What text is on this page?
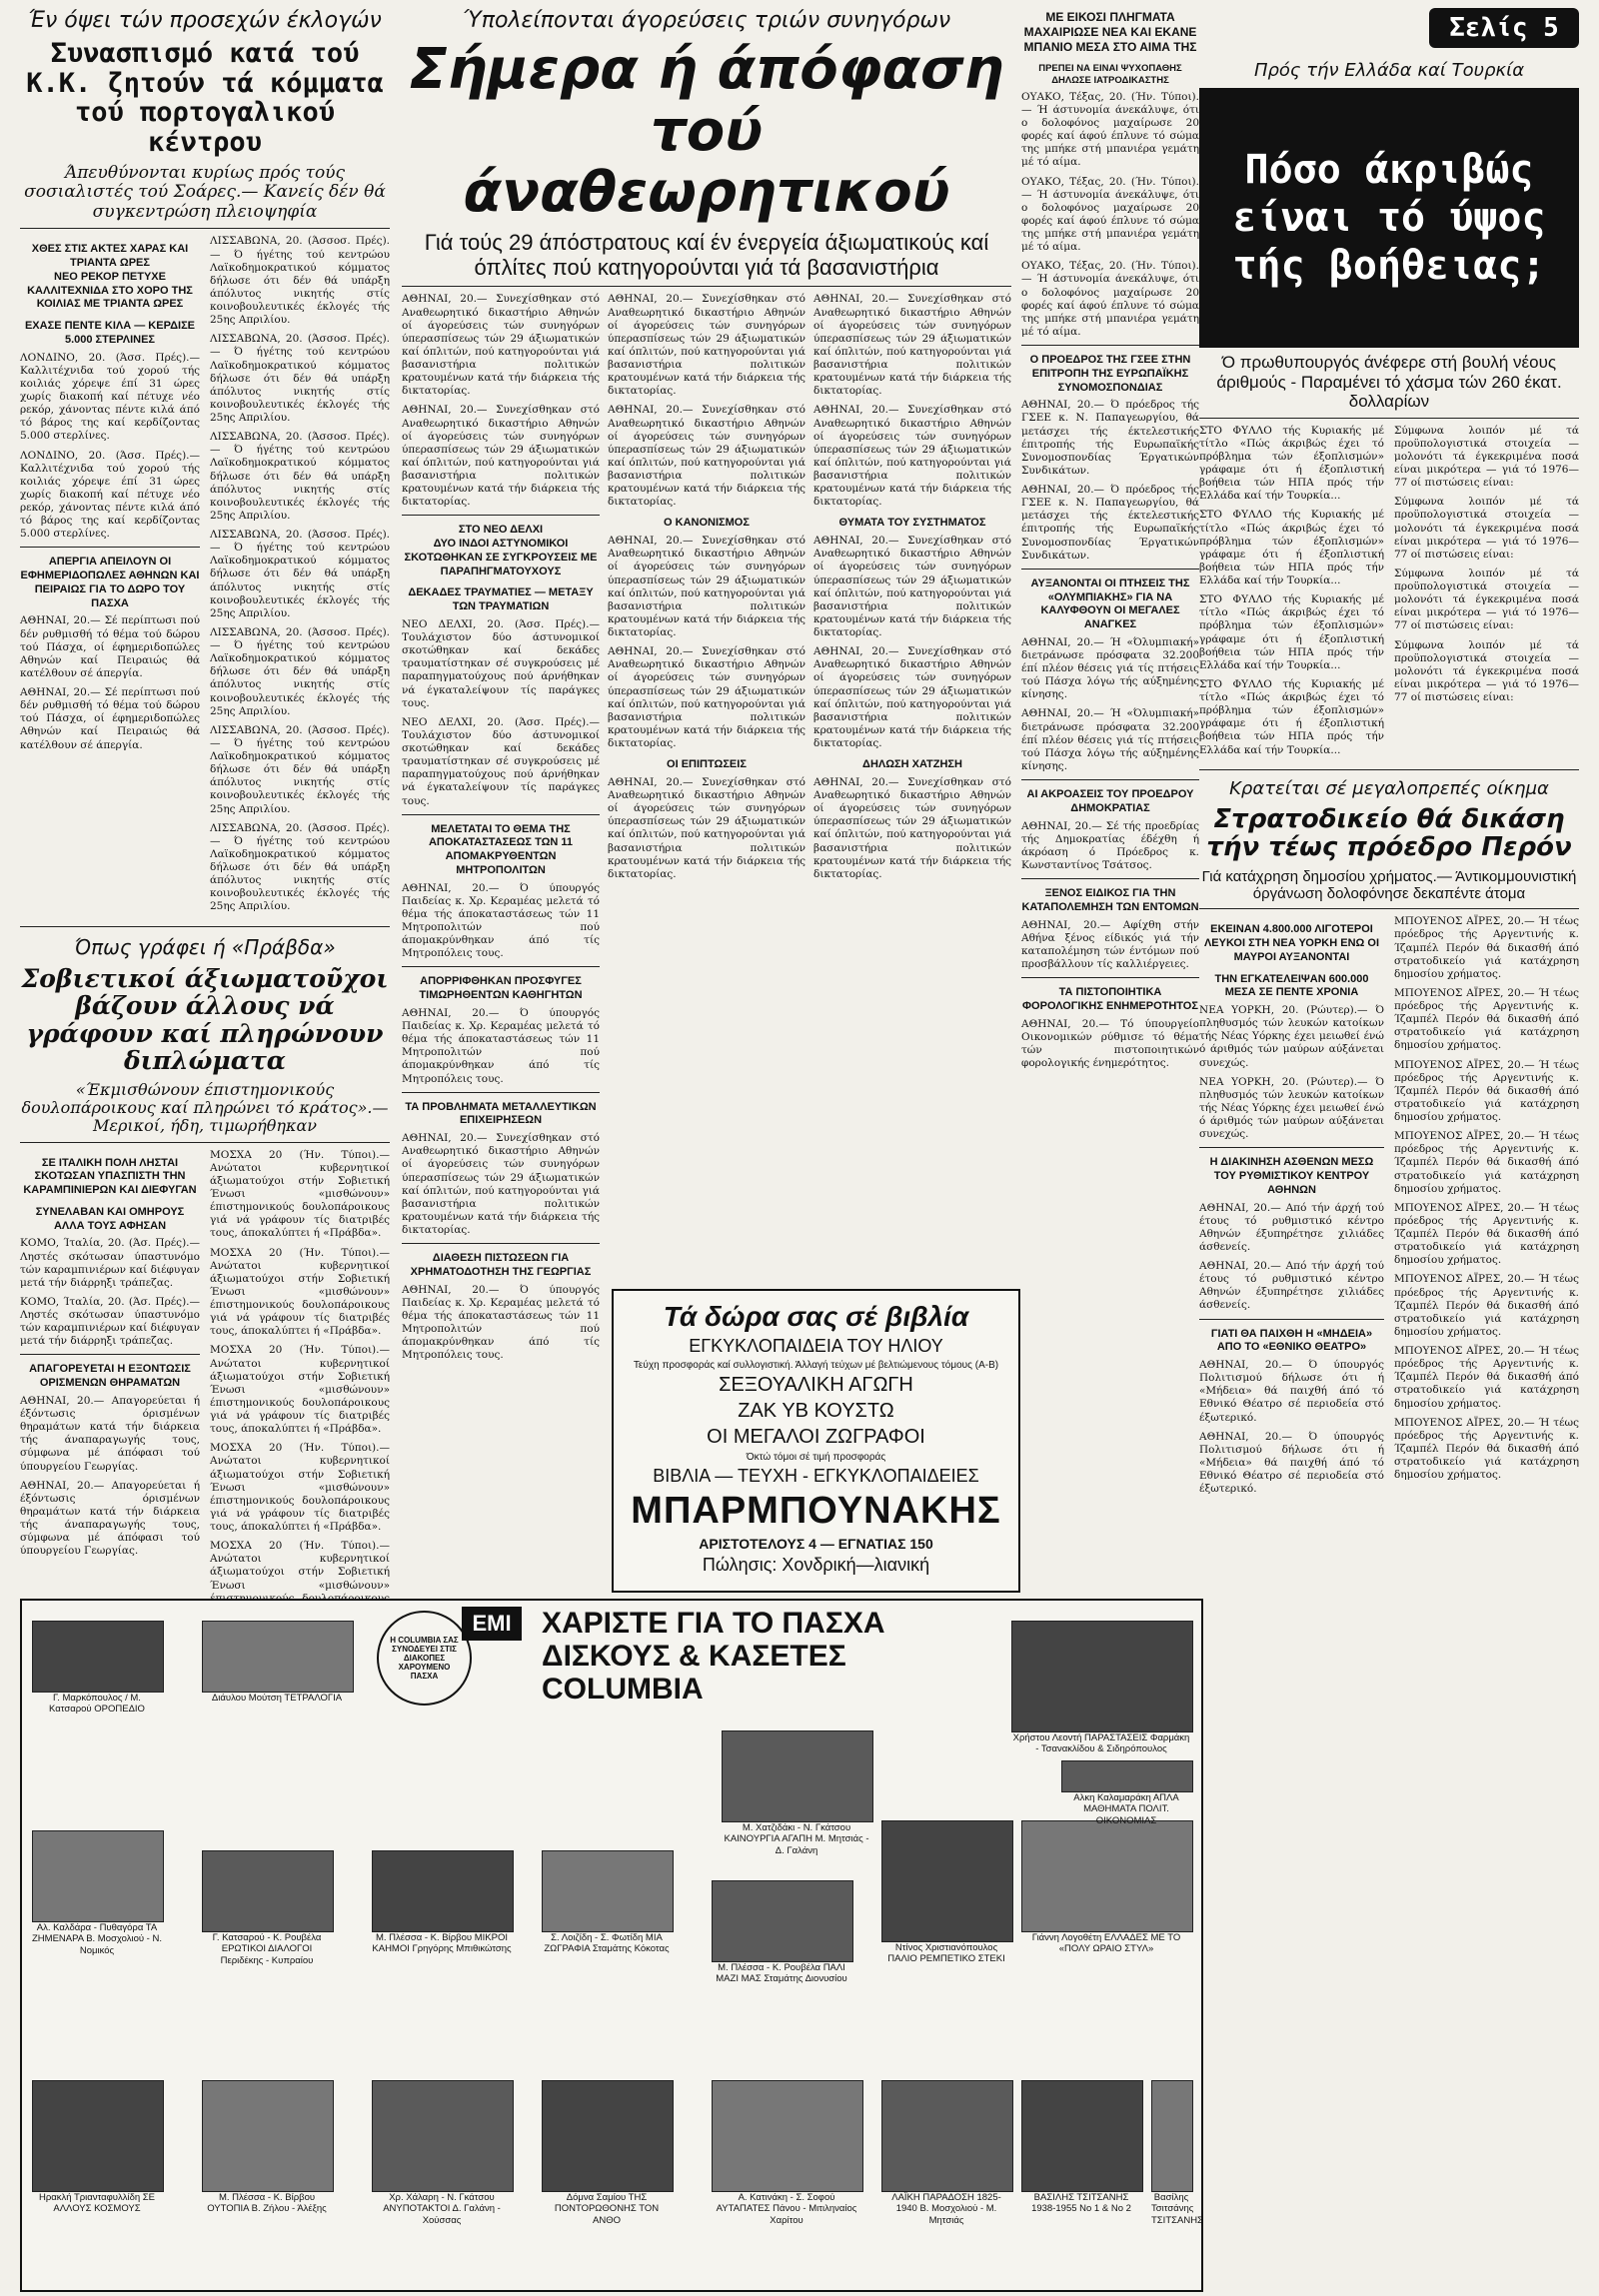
Σελίς 5
Έν όψει τών προσεχών έκλογών
Συνασπισμό κατά τού Κ.Κ. ζητούν τά κόμματα τού πορτογαλικού κέντρου
Άπευθύνονται κυρίως πρός τούς σοσιαλιστές τού Σοάρες.— Κανείς δέν θά συγκεντρώση πλειοψηφία
ΧΘΕΣ ΣΤΙΣ ΑΚΤΕΣ ΧΑΡΑΣ ΚΑΙ ΤΡΙΑΝΤΑ ΩΡΕΣ
ΝΕΟ ΡΕΚΟΡ ΠΕΤΥΧΕ ΚΑΛΛΙΤΕΧΝΙΔΑ ΣΤΟ ΧΟΡΟ ΤΗΣ ΚΟΙΛΙΑΣ ΜΕ ΤΡΙΑΝΤΑ ΩΡΕΣ
ΕΧΑΣΕ ΠΕΝΤΕ ΚΙΛΑ — ΚΕΡΔΙΣΕ 5.000 ΣΤΕΡΛΙΝΕΣ

ΛΟΝΔΙΝΟ, 20. (Άσσ. Πρές).— Καλλιτέχνιδα τού χορού τής κοιλιάς χόρεψε έπί 31 ώρες χωρίς διακοπή καί πέτυχε νέο ρεκόρ, χάνοντας πέντε κιλά άπό τό βάρος της καί κερδίζοντας 5.000 στερλίνες.

ΛΟΝΔΙΝΟ, 20. (Άσσ. Πρές).— Καλλιτέχνιδα τού χορού τής κοιλιάς χόρεψε έπί 31 ώρες χωρίς διακοπή καί πέτυχε νέο ρεκόρ, χάνοντας πέντε κιλά άπό τό βάρος της καί κερδίζοντας 5.000 στερλίνες.

ΑΠΕΡΓΙΑ ΑΠΕΙΛΟΥΝ ΟΙ ΕΦΗΜΕΡΙΔΟΠΩΛΕΣ ΑΘΗΝΩΝ ΚΑΙ ΠΕΙΡΑΙΩΣ ΓΙΑ ΤΟ ΔΩΡΟ ΤΟΥ ΠΑΣΧΑ

ΑΘΗΝΑΙ, 20.— Σέ περίπτωσι πού δέν ρυθμισθή τό θέμα τού δώρου τού Πάσχα, οί έφημεριδοπώλες Αθηνών καί Πειραιώς θά κατέλθουν σέ άπεργία.

ΑΘΗΝΑΙ, 20.— Σέ περίπτωσι πού δέν ρυθμισθή τό θέμα τού δώρου τού Πάσχα, οί έφημεριδοπώλες Αθηνών καί Πειραιώς θά κατέλθουν σέ άπεργία.

ΛΙΣΣΑΒΩΝΑ, 20. (Άσσοσ. Πρές).— Ό ήγέτης τού κεντρώου Λαϊκοδημοκρατικού κόμματος δήλωσε ότι δέν θά υπάρξη άπόλυτος νικητής στίς κοινοβουλευτικές έκλογές τής 25ης Απριλίου.

ΛΙΣΣΑΒΩΝΑ, 20. (Άσσοσ. Πρές).— Ό ήγέτης τού κεντρώου Λαϊκοδημοκρατικού κόμματος δήλωσε ότι δέν θά υπάρξη άπόλυτος νικητής στίς κοινοβουλευτικές έκλογές τής 25ης Απριλίου.

ΛΙΣΣΑΒΩΝΑ, 20. (Άσσοσ. Πρές).— Ό ήγέτης τού κεντρώου Λαϊκοδημοκρατικού κόμματος δήλωσε ότι δέν θά υπάρξη άπόλυτος νικητής στίς κοινοβουλευτικές έκλογές τής 25ης Απριλίου.

ΛΙΣΣΑΒΩΝΑ, 20. (Άσσοσ. Πρές).— Ό ήγέτης τού κεντρώου Λαϊκοδημοκρατικού κόμματος δήλωσε ότι δέν θά υπάρξη άπόλυτος νικητής στίς κοινοβουλευτικές έκλογές τής 25ης Απριλίου.

ΛΙΣΣΑΒΩΝΑ, 20. (Άσσοσ. Πρές).— Ό ήγέτης τού κεντρώου Λαϊκοδημοκρατικού κόμματος δήλωσε ότι δέν θά υπάρξη άπόλυτος νικητής στίς κοινοβουλευτικές έκλογές τής 25ης Απριλίου.

ΛΙΣΣΑΒΩΝΑ, 20. (Άσσοσ. Πρές).— Ό ήγέτης τού κεντρώου Λαϊκοδημοκρατικού κόμματος δήλωσε ότι δέν θά υπάρξη άπόλυτος νικητής στίς κοινοβουλευτικές έκλογές τής 25ης Απριλίου.

ΛΙΣΣΑΒΩΝΑ, 20. (Άσσοσ. Πρές).— Ό ήγέτης τού κεντρώου Λαϊκοδημοκρατικού κόμματος δήλωσε ότι δέν θά υπάρξη άπόλυτος νικητής στίς κοινοβουλευτικές έκλογές τής 25ης Απριλίου.

Όπως γράφει ή «Πράβδα»
Σοβιετικοί άξιωματοῦχοι βάζουν άλλους νά γράφουν καί πληρώνουν διπλώματα
«Έκμισθώνουν έπιστημονικούς δουλοπάροικους καί πληρώνει τό κράτος».— Μερικοί, ήδη, τιμωρήθηκαν
ΣΕ ΙΤΑΛΙΚΗ ΠΟΛΗ ΛΗΣΤΑΙ ΣΚΟΤΩΣΑΝ ΥΠΑΣΠΙΣΤΗ ΤΗΝ ΚΑΡΑΜΠΙΝΙΕΡΩΝ ΚΑΙ ΔΙΕΦΥΓΑΝ
ΣΥΝΕΛΑΒΑΝ ΚΑΙ ΟΜΗΡΟΥΣ ΑΛΛΑ ΤΟΥΣ ΑΦΗΣΑΝ

ΚΟΜΟ, Ίταλία, 20. (Άσ. Πρές).— Ληστές σκότωσαν ύπαστυνόμο τών καραμπινιέρων καί διέφυγαν μετά τήν διάρρηξι τράπεζας.

ΚΟΜΟ, Ίταλία, 20. (Άσ. Πρές).— Ληστές σκότωσαν ύπαστυνόμο τών καραμπινιέρων καί διέφυγαν μετά τήν διάρρηξι τράπεζας.

ΑΠΑΓΟΡΕΥΕΤΑΙ Η ΕΞΟΝΤΩΣΙΣ ΟΡΙΣΜΕΝΩΝ ΘΗΡΑΜΑΤΩΝ

ΑΘΗΝΑΙ, 20.— Απαγορεύεται ή έξόντωσις όρισμένων θηραμάτων κατά τήν διάρκεια τής άναπαραγωγής τους, σύμφωνα μέ άπόφασι τού ύπουργείου Γεωργίας.

ΑΘΗΝΑΙ, 20.— Απαγορεύεται ή έξόντωσις όρισμένων θηραμάτων κατά τήν διάρκεια τής άναπαραγωγής τους, σύμφωνα μέ άπόφασι τού ύπουργείου Γεωργίας.

ΜΟΣΧΑ 20 (Ήν. Τύποι).— Ανώτατοι κυβερνητικοί άξιωματούχοι στήν Σοβιετική Ένωσι «μισθώνουν» έπιστημονικούς δουλοπάροικους γιά νά γράφουν τίς διατριβές τους, άποκαλύπτει ή «Πράβδα».

ΜΟΣΧΑ 20 (Ήν. Τύποι).— Ανώτατοι κυβερνητικοί άξιωματούχοι στήν Σοβιετική Ένωσι «μισθώνουν» έπιστημονικούς δουλοπάροικους γιά νά γράφουν τίς διατριβές τους, άποκαλύπτει ή «Πράβδα».

ΜΟΣΧΑ 20 (Ήν. Τύποι).— Ανώτατοι κυβερνητικοί άξιωματούχοι στήν Σοβιετική Ένωσι «μισθώνουν» έπιστημονικούς δουλοπάροικους γιά νά γράφουν τίς διατριβές τους, άποκαλύπτει ή «Πράβδα».

ΜΟΣΧΑ 20 (Ήν. Τύποι).— Ανώτατοι κυβερνητικοί άξιωματούχοι στήν Σοβιετική Ένωσι «μισθώνουν» έπιστημονικούς δουλοπάροικους γιά νά γράφουν τίς διατριβές τους, άποκαλύπτει ή «Πράβδα».

ΜΟΣΧΑ 20 (Ήν. Τύποι).— Ανώτατοι κυβερνητικοί άξιωματούχοι στήν Σοβιετική Ένωσι «μισθώνουν»

Ύπολείπονται άγορεύσεις τριών συνηγόρων
Σήμερα ή άπόφαση τού άναθεωρητικού
Γιά τούς 29 άπόστρατους καί έν ένεργεία άξιωματικούς καί όπλίτες πού κατηγορούνται γιά τά βασανιστήρια

ΑΘΗΝΑΙ, 20.— Συνεχίσθηκαν στό Αναθεωρητικό δικαστήριο Αθηνών οί άγορεύσεις τών συνηγόρων ύπερασπίσεως τών 29 άξιωματικών καί όπλιτών, πού κατηγορούνται γιά βασανιστήρια πολιτικών κρατουμένων κατά τήν διάρκεια τής δικτατορίας.

ΑΘΗΝΑΙ, 20.— Συνεχίσθηκαν στό Αναθεωρητικό δικαστήριο Αθηνών οί άγορεύσεις τών συνηγόρων ύπερασπίσεως τών 29 άξιωματικών καί όπλιτών, πού κατηγορούνται γιά βασανιστήρια πολιτικών κρατουμένων κατά τήν διάρκεια τής δικτατορίας.

ΣΤΟ ΝΕΟ ΔΕΛΧΙ
ΔΥΟ ΙΝΔΟΙ ΑΣΤΥΝΟΜΙΚΟΙ ΣΚΟΤΩΘΗΚΑΝ ΣΕ ΣΥΓΚΡΟΥΣΕΙΣ ΜΕ ΠΑΡΑΠΗΓΜΑΤΟΥΧΟΥΣ
ΔΕΚΑΔΕΣ ΤΡΑΥΜΑΤΙΕΣ — ΜΕΤΑΞΥ ΤΩΝ ΤΡΑΥΜΑΤΙΩΝ

ΝΕΟ ΔΕΛΧΙ, 20. (Άσσ. Πρές).— Τουλάχιστον δύο άστυνομικοί σκοτώθηκαν καί δεκάδες τραυματίστηκαν σέ συγκρούσεις μέ παραπηγματούχους πού άρνήθηκαν νά έγκαταλείψουν τίς παράγκες τους.

ΝΕΟ ΔΕΛΧΙ, 20. (Άσσ. Πρές).— Τουλάχιστον δύο άστυνομικοί σκοτώθηκαν καί δεκάδες τραυματίστηκαν σέ συγκρούσεις μέ παραπηγματούχους πού άρνήθηκαν νά έγκαταλείψουν τίς παράγκες τους.

ΜΕΛΕΤΑΤΑΙ ΤΟ ΘΕΜΑ ΤΗΣ ΑΠΟΚΑΤΑΣΤΑΣΕΩΣ ΤΩΝ 11 ΑΠΟΜΑΚΡΥΘΕΝΤΩΝ ΜΗΤΡΟΠΟΛΙΤΩΝ

ΑΘΗΝΑΙ, 20.— Ό ύπουργός Παιδείας κ. Χρ. Κεραμέας μελετά τό θέμα τής άποκαταστάσεως τών 11 Μητροπολιτών πού άπομακρύνθηκαν άπό τίς Μητροπόλεις τους.

ΑΠΟΡΡΙΦΘΗΚΑΝ ΠΡΟΣΦΥΓΕΣ ΤΙΜΩΡΗΘΕΝΤΩΝ ΚΑΘΗΓΗΤΩΝ

ΑΘΗΝΑΙ, 20.— Ό ύπουργός Παιδείας κ. Χρ. Κεραμέας μελετά τό θέμα τής άποκαταστάσεως τών 11 Μητροπολιτών πού άπομακρύνθηκαν άπό τίς Μητροπόλεις τους.

ΤΑ ΠΡΟΒΛΗΜΑΤΑ ΜΕΤΑΛΛΕΥΤΙΚΩΝ ΕΠΙΧΕΙΡΗΣΕΩΝ

ΑΘΗΝΑΙ, 20.— Συνεχίσθηκαν στό Αναθεωρητικό δικαστήριο Αθηνών οί άγορεύσεις τών συνηγόρων ύπερασπίσεως τών 29 άξιωματικών καί όπλιτών, πού κατηγορούνται γιά βασανιστήρια πολιτικών κρατουμένων κατά τήν διάρκεια τής δικτατορίας.

ΔΙΑΘΕΣΗ ΠΙΣΤΩΣΕΩΝ ΓΙΑ ΧΡΗΜΑΤΟΔΟΤΗΣΗ ΤΗΣ ΓΕΩΡΓΙΑΣ

ΑΘΗΝΑΙ, 20.— Ό ύπουργός Παιδείας κ. Χρ. Κεραμέας μελετά τό θέμα τής άποκαταστάσεως τών 11 Μητροπολιτών πού άπομακρύνθηκαν άπό τίς Μητροπόλεις τους.

ΑΘΗΝΑΙ, 20.— Συνεχίσθηκαν στό Αναθεωρητικό δικαστήριο Αθηνών οί άγορεύσεις τών συνηγόρων ύπερασπίσεως τών 29 άξιωματικών καί όπλιτών, πού κατηγορούνται γιά βασανιστήρια πολιτικών κρατουμένων κατά τήν διάρκεια τής δικτατορίας.

ΑΘΗΝΑΙ, 20.— Συνεχίσθηκαν στό Αναθεωρητικό δικαστήριο Αθηνών οί άγορεύσεις τών συνηγόρων ύπερασπίσεως τών 29 άξιωματικών καί όπλιτών, πού κατηγορούνται γιά βασανιστήρια πολιτικών κρατουμένων κατά τήν διάρκεια τής δικτατορίας.

Ο ΚΑΝΟΝΙΣΜΟΣ

ΑΘΗΝΑΙ, 20.— Συνεχίσθηκαν στό Αναθεωρητικό δικαστήριο Αθηνών οί άγορεύσεις τών συνηγόρων ύπερασπίσεως τών 29 άξιωματικών καί όπλιτών, πού κατηγορούνται γιά βασανιστήρια πολιτικών κρατουμένων κατά τήν διάρκεια τής δικτατορίας.

ΑΘΗΝΑΙ, 20.— Συνεχίσθηκαν στό Αναθεωρητικό δικαστήριο Αθηνών οί άγορεύσεις τών συνηγόρων ύπερασπίσεως τών 29 άξιωματικών καί όπλιτών, πού κατηγορούνται γιά βασανιστήρια πολιτικών κρατουμένων κατά τήν διάρκεια τής δικτατορίας.

ΟΙ ΕΠΙΠΤΩΣΕΙΣ

ΑΘΗΝΑΙ, 20.— Συνεχίσθηκαν στό Αναθεωρητικό δικαστήριο Αθηνών οί άγορεύσεις τών συνηγόρων ύπερασπίσεως τών 29 άξιωματικών καί όπλιτών, πού κατηγορούνται γιά βασανιστήρια πολιτικών κρατουμένων κατά τήν διάρκεια τής δικτατορίας.

ΑΘΗΝΑΙ, 20.— Συνεχίσθηκαν στό Αναθεωρητικό δικαστήριο Αθηνών οί άγορεύσεις τών συνηγόρων ύπερασπίσεως τών 29 άξιωματικών καί όπλιτών, πού κατηγορούνται γιά βασανιστήρια πολιτικών κρατουμένων κατά τήν διάρκεια τής δικτατορίας.

ΑΘΗΝΑΙ, 20.— Συνεχίσθηκαν στό Αναθεωρητικό δικαστήριο Αθηνών οί άγορεύσεις τών συνηγόρων ύπερασπίσεως τών 29 άξιωματικών καί όπλιτών, πού κατηγορούνται γιά βασανιστήρια πολιτικών κρατουμένων κατά τήν διάρκεια τής δικτατορίας.

ΘΥΜΑΤΑ ΤΟΥ ΣΥΣΤΗΜΑΤΟΣ

ΑΘΗΝΑΙ, 20.— Συνεχίσθηκαν στό Αναθεωρητικό δικαστήριο Αθηνών οί άγορεύσεις τών συνηγόρων ύπερασπίσεως τών 29 άξιωματικών καί όπλιτών, πού κατηγορούνται γιά βασανιστήρια πολιτικών κρατουμένων κατά τήν διάρκεια τής δικτατορίας.

ΑΘΗΝΑΙ, 20.— Συνεχίσθηκαν στό Αναθεωρητικό δικαστήριο Αθηνών οί άγορεύσεις τών συνηγόρων ύπερασπίσεως τών 29 άξιωματικών καί όπλιτών, πού κατηγορούνται γιά βασανιστήρια πολιτικών κρατουμένων κατά τήν διάρκεια τής δικτατορίας.

ΔΗΛΩΣΗ ΧΑΤΖΗΣΗ

ΑΘΗΝΑΙ, 20.— Συνεχίσθηκαν στό Αναθεωρητικό δικαστήριο Αθηνών οί άγορεύσεις τών συνηγόρων ύπερασπίσεως τών 29 άξιωματικών καί όπλιτών, πού κατηγορούνται γιά βασανιστήρια πολιτικών κρατουμένων κατά τήν διάρκεια τής δικτατορίας.

Τά δώρα σας σέ βιβλία
ΕΓΚΥΚΛΟΠΑΙΔΕΙΑ ΤΟΥ ΗΛΙΟΥ
Τεύχη προσφοράς καί συλλογιστική. Άλλαγή τεύχων μέ βελτιώμενους τόμους (Α-Β)
ΣΕΞΟΥΑΛΙΚΗ ΑΓΩΓΗ
ΖΑΚ ΥΒ ΚΟΥΣΤΩ
ΟΙ ΜΕΓΑΛΟΙ ΖΩΓΡΑΦΟΙ
Όκτώ τόμοι σέ τιμή προσφοράς
ΒΙΒΛΙΑ — ΤΕΥΧΗ - ΕΓΚΥΚΛΟΠΑΙΔΕΙΕΣ
ΜΠΑΡΜΠΟΥΝΑΚΗΣ
ΑΡΙΣΤΟΤΕΛΟΥΣ 4 — ΕΓΝΑΤΙΑΣ 150
Πώλησις: Χονδρική—λιανική
ΜΕ ΕΙΚΟΣΙ ΠΛΗΓΜΑΤΑ ΜΑΧΑΙΡΙΩΣΕ ΝΕΑ ΚΑΙ ΕΚΑΝΕ ΜΠΑΝΙΟ ΜΕΣΑ ΣΤΟ ΑΙΜΑ ΤΗΣ
ΠΡΕΠΕΙ ΝΑ ΕΙΝΑΙ ΨΥΧΟΠΑΘΗΣ ΔΗΛΩΣΕ ΙΑΤΡΟΔΙΚΑΣΤΗΣ

ΟΥΑΚΟ, Τέξας, 20. (Ήν. Τύποι).— Ή άστυνομία άνεκάλυψε, ότι ο δολοφόνος μαχαίρωσε 20 φορές καί άφού έπλυνε τό σώμα της μπήκε στή μπανιέρα γεμάτη μέ τό αίμα.

ΟΥΑΚΟ, Τέξας, 20. (Ήν. Τύποι).— Ή άστυνομία άνεκάλυψε, ότι ο δολοφόνος μαχαίρωσε 20 φορές καί άφού έπλυνε τό σώμα της μπήκε στή μπανιέρα γεμάτη μέ τό αίμα.

ΟΥΑΚΟ, Τέξας, 20. (Ήν. Τύποι).— Ή άστυνομία άνεκάλυψε, ότι ο δολοφόνος μαχαίρωσε 20 φορές καί άφού έπλυνε τό σώμα της μπήκε στή μπανιέρα γεμάτη μέ τό αίμα.

Ο ΠΡΟΕΔΡΟΣ ΤΗΣ ΓΣΕΕ ΣΤΗΝ ΕΠΙΤΡΟΠΗ ΤΗΣ ΕΥΡΩΠΑΪΚΗΣ ΣΥΝΟΜΟΣΠΟΝΔΙΑΣ

ΑΘΗΝΑΙ, 20.— Ό πρόεδρος τής ΓΣΕΕ κ. Ν. Παπαγεωργίου, θά μετάσχει τής έκτελεστικής έπιτροπής τής Ευρωπαϊκής Συνομοσπονδίας Έργατικών Συνδικάτων.

ΑΘΗΝΑΙ, 20.— Ό πρόεδρος τής ΓΣΕΕ κ. Ν. Παπαγεωργίου, θά μετάσχει τής έκτελεστικής έπιτροπής τής Ευρωπαϊκής Συνομοσπονδίας Έργατικών Συνδικάτων.

ΑΥΞΑΝΟΝΤΑΙ ΟΙ ΠΤΗΣΕΙΣ ΤΗΣ «ΟΛΥΜΠΙΑΚΗΣ» ΓΙΑ ΝΑ ΚΑΛΥΦΘΟΥΝ ΟΙ ΜΕΓΑΛΕΣ ΑΝΑΓΚΕΣ

ΑΘΗΝΑΙ, 20.— Ή «Όλυμπιακή» διετράνωσε πρόσφατα 32.200 έπί πλέον θέσεις γιά τίς πτήσεις τού Πάσχα λόγω τής αύξημένης κίνησης.

ΑΘΗΝΑΙ, 20.— Ή «Όλυμπιακή» διετράνωσε πρόσφατα 32.200 έπί πλέον θέσεις γιά τίς πτήσεις τού Πάσχα λόγω τής αύξημένης κίνησης.

ΑΙ ΑΚΡΟΑΣΕΙΣ ΤΟΥ ΠΡΟΕΔΡΟΥ ΔΗΜΟΚΡΑΤΙΑΣ

ΑΘΗΝΑΙ, 20.— Σέ τής προεδρίας τής Δημοκρατίας έδέχθη ή άκρόαση ό Πρόεδρος κ. Κωνσταντίνος Τσάτσος.

ΞΕΝΟΣ ΕΙΔΙΚΟΣ ΓΙΑ ΤΗΝ ΚΑΤΑΠΟΛΕΜΗΣΗ ΤΩΝ ΕΝΤΟΜΩΝ

ΑΘΗΝΑΙ, 20.— Αφίχθη στήν Αθήνα ξένος είδικός γιά τήν καταπολέμηση τών έντόμων πού προσβάλλουν τίς καλλιέργειες.

ΤΑ ΠΙΣΤΟΠΟΙΗΤΙΚΑ ΦΟΡΟΛΟΓΙΚΗΣ ΕΝΗΜΕΡΟΤΗΤΟΣ

ΑΘΗΝΑΙ, 20.— Τό ύπουργείο Οικονομικών ρύθμισε τό θέμα τών πιστοποιητικών φορολογικής ένημερότητος.

Πρός τήν Ελλάδα καί Τουρκία
Ό πρωθυπουργός άνέφερε στή βουλή νέους άριθμούς - Παραμένει τό χάσμα τών 260 έκατ. δολλαρίων

ΣΤΟ ΦΥΛΛΟ τής Κυριακής μέ τίτλο «Πώς άκριβώς έχει τό πρόβλημα τών έξοπλισμών» γράφαμε ότι ή έξοπλιστική βοήθεια τών ΗΠΑ πρός τήν Ελλάδα καί τήν Τουρκία...

ΣΤΟ ΦΥΛΛΟ τής Κυριακής μέ τίτλο «Πώς άκριβώς έχει τό πρόβλημα τών έξοπλισμών» γράφαμε ότι ή έξοπλιστική βοήθεια τών ΗΠΑ πρός τήν Ελλάδα καί τήν Τουρκία...

ΣΤΟ ΦΥΛΛΟ τής Κυριακής μέ τίτλο «Πώς άκριβώς έχει τό πρόβλημα τών έξοπλισμών» γράφαμε ότι ή έξοπλιστική βοήθεια τών ΗΠΑ πρός τήν Ελλάδα καί τήν Τουρκία...

ΣΤΟ ΦΥΛΛΟ τής Κυριακής μέ τίτλο «Πώς άκριβώς έχει τό πρόβλημα τών έξοπλισμών» γράφαμε ότι ή έξοπλιστική βοήθεια τών ΗΠΑ πρός τήν Ελλάδα καί τήν Τουρκία...

Σύμφωνα λοιπόν μέ τά προϋπολογιστικά στοιχεία — μολονότι τά έγκεκριμένα ποσά είναι μικρότερα — γιά τό 1976—77 οί πιστώσεις είναι:

Σύμφωνα λοιπόν μέ τά προϋπολογιστικά στοιχεία — μολονότι τά έγκεκριμένα ποσά είναι μικρότερα — γιά τό 1976—77 οί πιστώσεις είναι:

Σύμφωνα λοιπόν μέ τά προϋπολογιστικά στοιχεία — μολονότι τά έγκεκριμένα ποσά είναι μικρότερα — γιά τό 1976—77 οί πιστώσεις είναι:

Σύμφωνα λοιπόν μέ τά προϋπολογιστικά στοιχεία — μολονότι τά έγκεκριμένα ποσά είναι μικρότερα — γιά τό 1976—77 οί πιστώσεις είναι:

Κρατείται σέ μεγαλοπρεπές οίκημα
Στρατοδικείο θά δικάση τήν τέως πρόεδρο Περόν
Γιά κατάχρηση δημοσίου χρήματος.— Άντικομμουνιστική όργάνωση δολοφόνησε δεκαπέντε άτομα
ΕΚΕΙΝΑΝ 4.800.000 ΛΙΓΟΤΕΡΟΙ ΛΕΥΚΟΙ ΣΤΗ ΝΕΑ ΥΟΡΚΗ ΕΝΩ ΟΙ ΜΑΥΡΟΙ ΑΥΞΑΝΟΝΤΑΙ
ΤΗΝ ΕΓΚΑΤΕΛΕΙΨΑΝ 600.000 ΜΕΣΑ ΣΕ ΠΕΝΤΕ ΧΡΟΝΙΑ

ΝΕΑ ΥΟΡΚΗ, 20. (Ρώυτερ).— Ό πληθυσμός τών λευκών κατοίκων τής Νέας Υόρκης έχει μειωθεί ένώ ό άριθμός τών μαύρων αύξάνεται συνεχώς.

ΝΕΑ ΥΟΡΚΗ, 20. (Ρώυτερ).— Ό πληθυσμός τών λευκών κατοίκων τής Νέας Υόρκης έχει μειωθεί ένώ ό άριθμός τών μαύρων αύξάνεται συνεχώς.

Η ΔΙΑΚΙΝΗΣΗ ΑΣΘΕΝΩΝ ΜΕΣΩ ΤΟΥ ΡΥΘΜΙΣΤΙΚΟΥ ΚΕΝΤΡΟΥ ΑΘΗΝΩΝ

ΑΘΗΝΑΙ, 20.— Από τήν άρχή τού έτους τό ρυθμιστικό κέντρο Αθηνών έξυπηρέτησε χιλιάδες άσθενείς.

ΑΘΗΝΑΙ, 20.— Από τήν άρχή τού έτους τό ρυθμιστικό κέντρο Αθηνών έξυπηρέτησε χιλιάδες άσθενείς.

ΓΙΑΤΙ ΘΑ ΠΑΙΧΘΗ Η «ΜΗΔΕΙΑ» ΑΠΟ ΤΟ «ΕΘΝΙΚΟ ΘΕΑΤΡΟ»

ΑΘΗΝΑΙ, 20.— Ό ύπουργός Πολιτισμού δήλωσε ότι ή «Μήδεια» θά παιχθή άπό τό Εθνικό Θέατρο σέ περιοδεία στό έξωτερικό.

ΑΘΗΝΑΙ, 20.— Ό ύπουργός Πολιτισμού δήλωσε ότι ή «Μήδεια» θά παιχθή άπό τό Εθνικό Θέατρο σέ περιοδεία στό έξωτερικό.

ΜΠΟΥΕΝΟΣ ΑΪΡΕΣ, 20.— Ή τέως πρόεδρος τής Αργεντινής κ. Ίζαμπέλ Περόν θά δικασθή άπό στρατοδικείο γιά κατάχρηση δημοσίου χρήματος.

ΜΠΟΥΕΝΟΣ ΑΪΡΕΣ, 20.— Ή τέως πρόεδρος τής Αργεντινής κ. Ίζαμπέλ Περόν θά δικασθή άπό στρατοδικείο γιά κατάχρηση δημοσίου χρήματος.

ΜΠΟΥΕΝΟΣ ΑΪΡΕΣ, 20.— Ή τέως πρόεδρος τής Αργεντινής κ. Ίζαμπέλ Περόν θά δικασθή άπό στρατοδικείο γιά κατάχρηση δημοσίου χρήματος.

ΜΠΟΥΕΝΟΣ ΑΪΡΕΣ, 20.— Ή τέως πρόεδρος τής Αργεντινής κ. Ίζαμπέλ Περόν θά δικασθή άπό στρατοδικείο γιά κατάχρηση δημοσίου χρήματος.

ΜΠΟΥΕΝΟΣ ΑΪΡΕΣ, 20.— Ή τέως πρόεδρος τής Αργεντινής κ. Ίζαμπέλ Περόν θά δικασθή άπό στρατοδικείο γιά κατάχρηση δημοσίου χρήματος.

ΜΠΟΥΕΝΟΣ ΑΪΡΕΣ, 20.— Ή τέως πρόεδρος τής Αργεντινής κ. Ίζαμπέλ Περόν θά δικασθή άπό στρατοδικείο γιά κατάχρηση δημοσίου χρήματος.

ΜΠΟΥΕΝΟΣ ΑΪΡΕΣ, 20.— Ή τέως πρόεδρος τής Αργεντινής κ. Ίζαμπέλ Περόν θά δικασθή άπό στρατοδικείο γιά κατάχρηση δημοσίου χρήματος.

ΜΠΟΥΕΝΟΣ ΑΪΡΕΣ, 20.— Ή τέως πρόεδρος τής Αργεντινής κ. Ίζαμπέλ Περόν θά δικασθή άπό στρατοδικείο γιά κατάχρηση δημοσίου χρήματος.

Πόσο άκριβώς είναι τό ύψος τής βοήθειας;
EMI	ΧΑΡΙΣΤΕ ΓΙΑ ΤΟ ΠΑΣΧΑ
ΔΙΣΚΟΥΣ & ΚΑΣΕΤΕΣ
COLUMBIA
Η COLUMBIA ΣΑΣ ΣΥΝΟΔΕΥΕΙ ΣΤΙΣ ΔΙΑΚΟΠΕΣ ΧΑΡΟΥΜΕΝΟ ΠΑΣΧΑ
Γ. Μαρκόπουλος / Μ. Κατσαρού ΟΡΟΠΕΔΙΟ
Διάυλου Μούτση ΤΕΤΡΑΛΟΓΙΑ
Μ. Χατζιδάκι - Ν. Γκάτσου ΚΑΙΝΟΥΡΓΙΑ ΑΓΑΠΗ Μ. Μητσιάς - Δ. Γαλάνη
Χρήστου Λεοντή ΠΑΡΑΣΤΑΣΕΙΣ Φαρμάκη - Τσανακλίδου & Σιδηρόπουλος
Αλ. Καλδάρα - Πυθαγόρα ΤΑ ΖΗΜΕΝΑΡΑ Β. Μοσχολιού - Ν. Νομικός
Γ. Κατσαρού - Κ. Ρουβέλα ΕΡΩΤΙΚΟΙ ΔΙΑΛΟΓΟΙ Περιδέκης - Κυπραίου
Μ. Πλέσσα - Κ. Βίρβου ΜΙΚΡΟΙ ΚΑΗΜΟΙ Γρηγόρης Μπιθικώτσης
Σ. Λοιζίδη - Σ. Φωτίδη ΜΙΑ ΖΩΓΡΑΦΙΑ Σταμάτης Κόκοτας
Μ. Πλέσσα - Κ. Ρουβέλα ΠΑΛΙ ΜΑΖΙ ΜΑΣ Σταμάτης Διονυσίου
Ντίνος Χριστιανόπουλος ΠΑΛΙΟ ΡΕΜΠΕΤΙΚΟ ΣΤΕΚΙ
Γιάννη Λογοθέτη ΕΛΛΑΔΕΣ ΜΕ ΤΟ «ΠΟΛΥ ΩΡΑΙΟ ΣΤΥΛ»
Αλκη Καλαμαράκη ΑΠΛΑ ΜΑΘΗΜΑΤΑ ΠΟΛΙΤ. ΟΙΚΟΝΟΜΙΑΣ
Ηρακλή Τριανταφυλλίδη ΣΕ ΑΛΛΟΥΣ ΚΟΣΜΟΥΣ
Μ. Πλέσσα - Κ. Βίρβου ΟΥΤΟΠΙΑ Β. Ζήλου - Άλέξης
Χρ. Χάλαρη - Ν. Γκάτσου ΑΝΥΠΟΤΑΚΤΟΙ Δ. Γαλάνη - Χούσσας
Δόμνα Σαμίου ΤΗΣ ΠΟΝΤΟΡΩΘΟΝΗΣ ΤΟΝ ΑΝΘΟ
Α. Κατινάκη - Σ. Σοφού ΑΥΤΑΠΑΤΕΣ Πάνου - Μιτιληναίος Χαρίτου
ΛΑΪΚΗ ΠΑΡΑΔΟΣΗ 1825-1940 Β. Μοσχολιού - Μ. Μητσιάς
ΒΑΣΙΛΗΣ ΤΣΙΤΣΑΝΗΣ 1938-1955 Νο 1 & Νο 2
Βασίλης Τσιτσάνης ΤΣΙΤΣΑΝΗΣ
